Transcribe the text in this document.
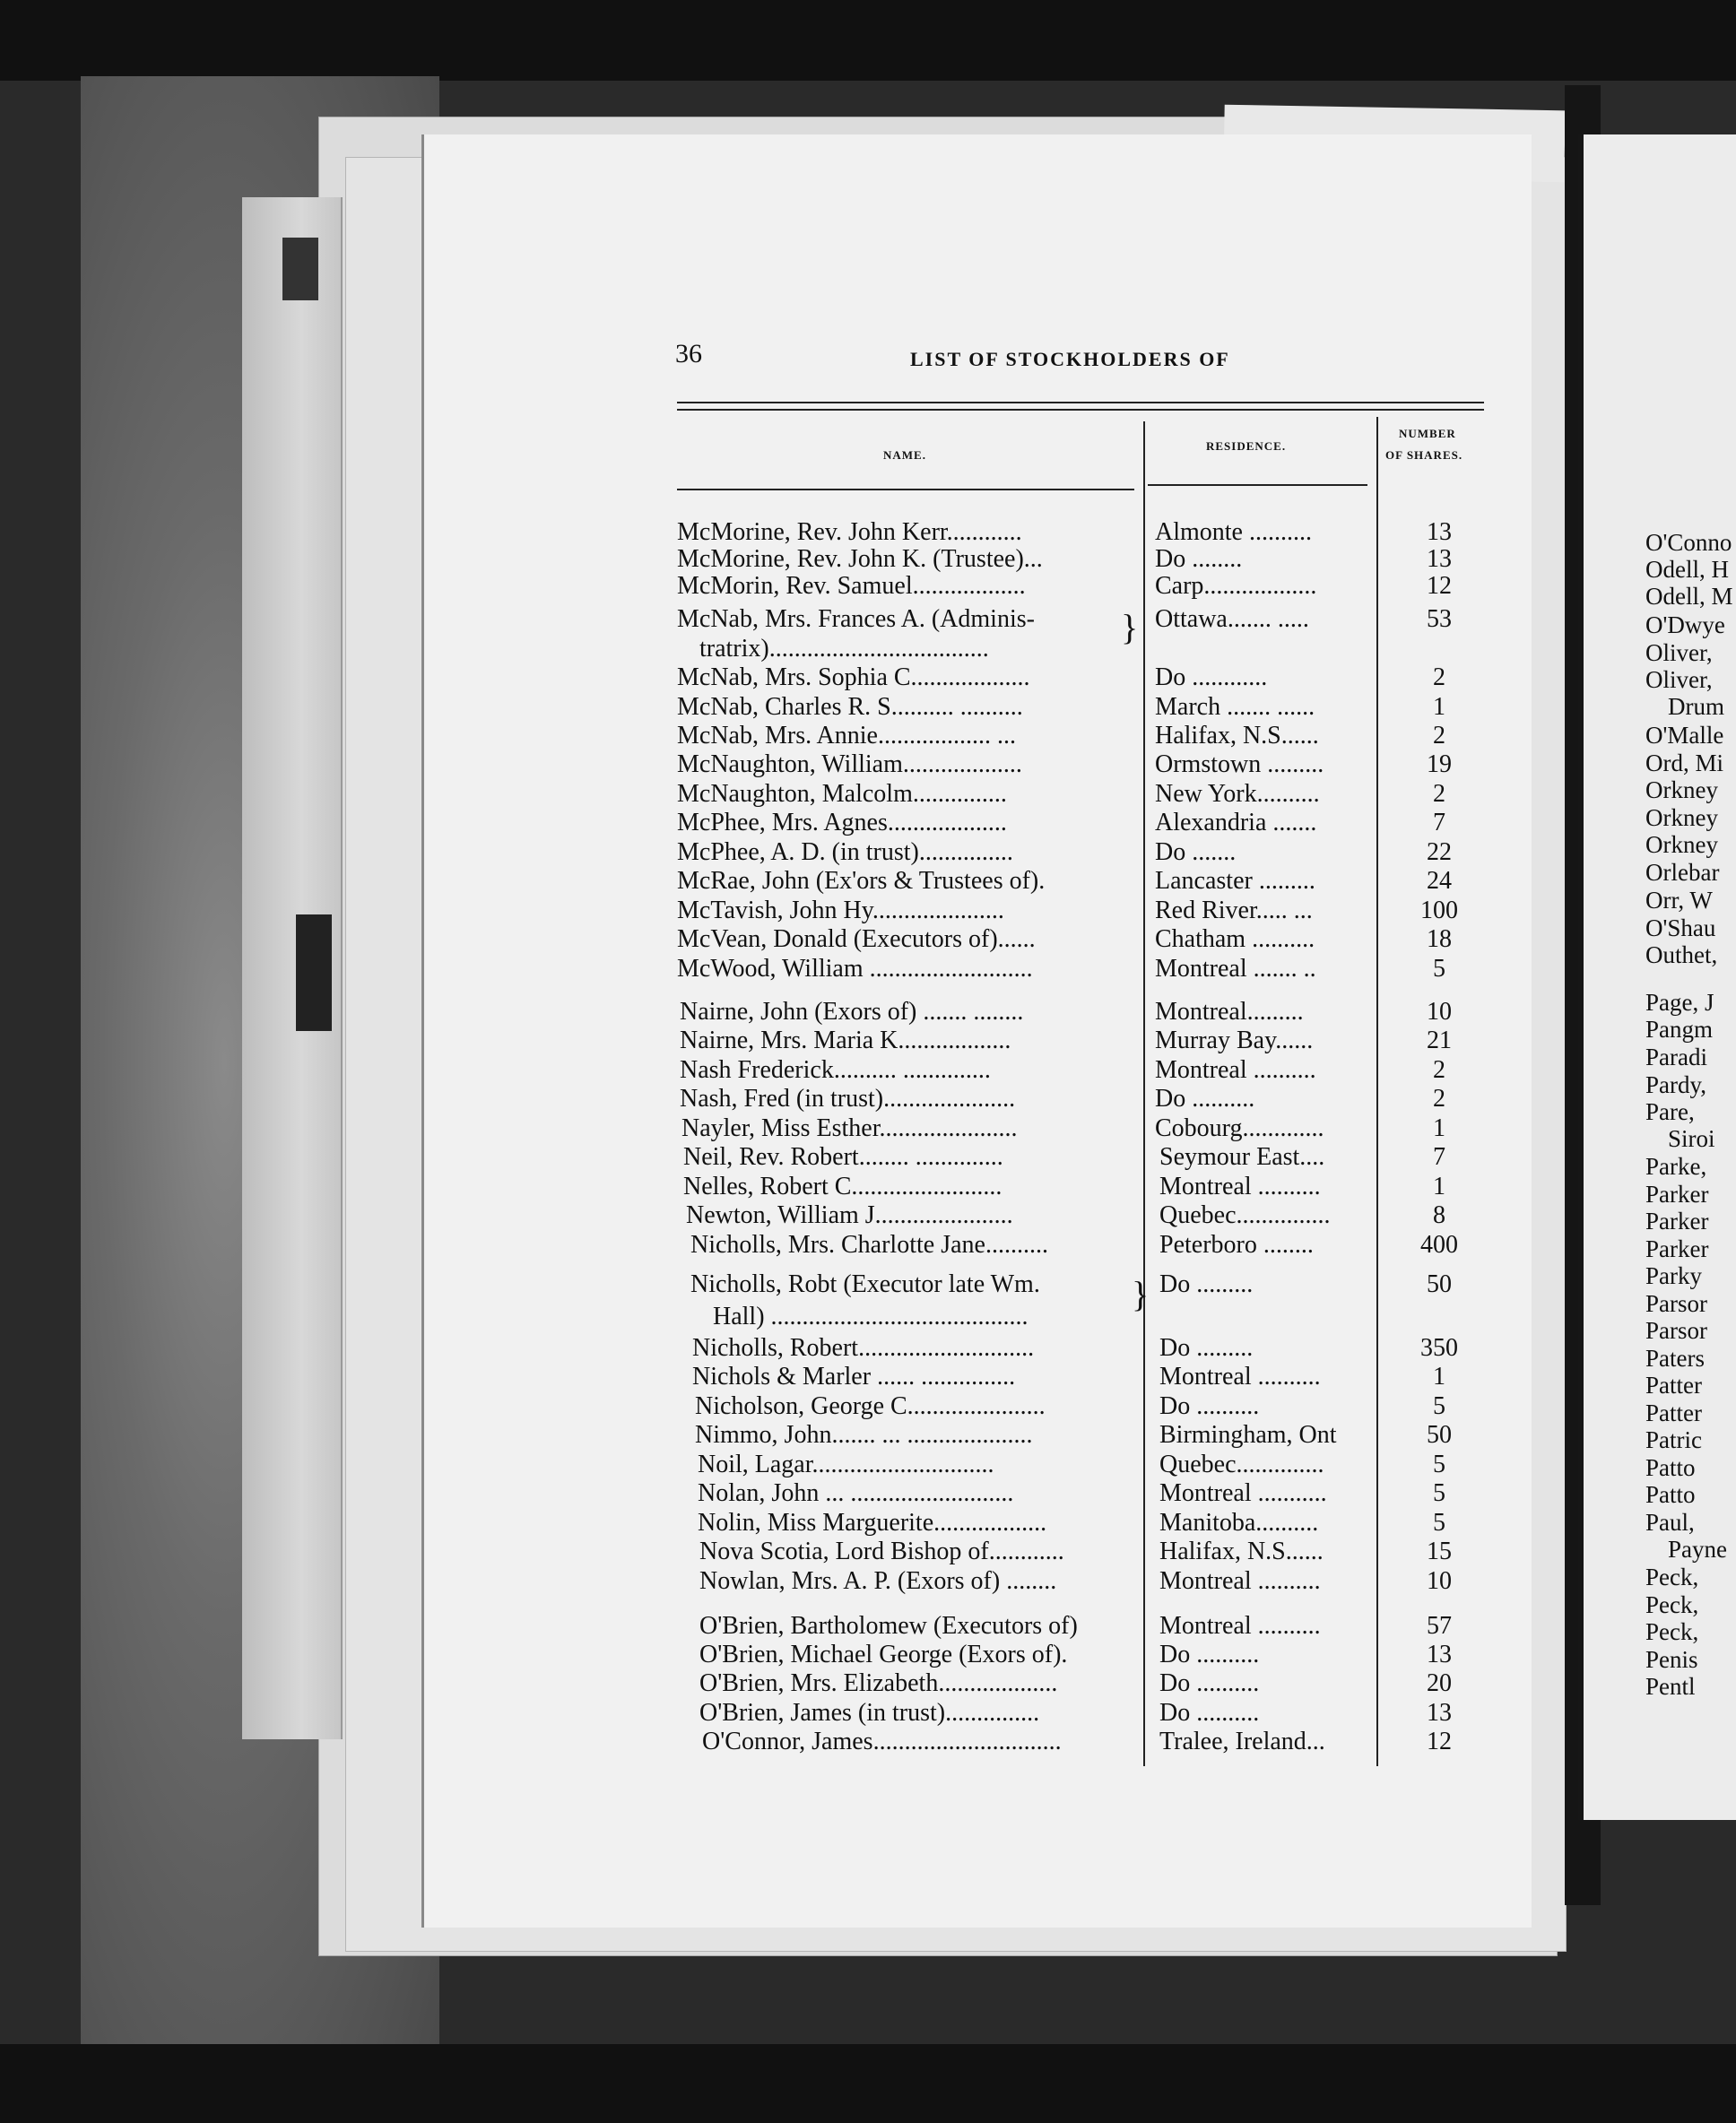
36	LIST OF STOCKHOLDERS OF
NAME.
RESIDENCE.
NUMBER
OF SHARES.
McMorine, Rev. John Kerr............	Almonte ..........	13
McMorine, Rev. John K. (Trustee)...	Do ........	13
McMorin, Rev. Samuel..................	Carp..................	12
McNab, Mrs. Frances A. (Adminis-	Ottawa....... .....	53
tratrix)...................................
McNab, Mrs. Sophia C...................	Do ............	2
McNab, Charles R. S.......... ..........	March ....... ......	1
McNab, Mrs. Annie.................. ...	Halifax, N.S......	2
McNaughton, William...................	Ormstown .........	19
McNaughton, Malcolm...............	New York..........	2
McPhee, Mrs. Agnes...................	Alexandria .......	7
McPhee, A. D. (in trust)...............	Do .......	22
McRae, John (Ex'ors & Trustees of).	Lancaster .........	24
McTavish, John Hy.....................	Red River..... ...	100
McVean, Donald (Executors of)......	Chatham ..........	18
McWood, William ..........................	Montreal ....... ..	5
Nairne, John (Exors of) ....... ........	Montreal.........	10
Nairne, Mrs. Maria K..................	Murray Bay......	21
Nash Frederick.......... ..............	Montreal ..........	2
Nash, Fred (in trust).....................	Do ..........	2
Nayler, Miss Esther......................	Cobourg.............	1
Neil, Rev. Robert........ ..............	Seymour East....	7
Nelles, Robert C........................	Montreal ..........	1
Newton, William J......................	Quebec...............	8
Nicholls, Mrs. Charlotte Jane..........	Peterboro ........	400
Nicholls, Robt (Executor late Wm.	Do .........	50
Hall) .........................................
Nicholls, Robert............................	Do .........	350
Nichols & Marler ...... ...............	Montreal ..........	1
Nicholson, George C......................	Do ..........	5
Nimmo, John....... ... ....................	Birmingham, Ont	50
Noil, Lagar.............................	Quebec..............	5
Nolan, John ... ..........................	Montreal ...........	5
Nolin, Miss Marguerite..................	Manitoba..........	5
Nova Scotia, Lord Bishop of............	Halifax, N.S......	15
Nowlan, Mrs. A. P. (Exors of) ........	Montreal ..........	10
O'Brien, Bartholomew (Executors of)	Montreal ..........	57
O'Brien, Michael George (Exors of).	Do ..........	13
O'Brien, Mrs. Elizabeth...................	Do ..........	20
O'Brien, James (in trust)...............	Do ..........	13
O'Connor, James..............................	Tralee, Ireland...	12
}
}
O'Conno
Odell, H
Odell, M
O'Dwye
Oliver,
Oliver,
Drum
O'Malle
Ord, Mi
Orkney
Orkney
Orkney
Orlebar
Orr, W
O'Shau
Outhet,
Page, J
Pangm
Paradi
Pardy,
Pare,
Siroi
Parke,
Parker
Parker
Parker
Parky
Parsor
Parsor
Paters
Patter
Patter
Patric
Patto
Patto
Paul,
Payne
Peck,
Peck,
Peck,
Penis
Pentl
